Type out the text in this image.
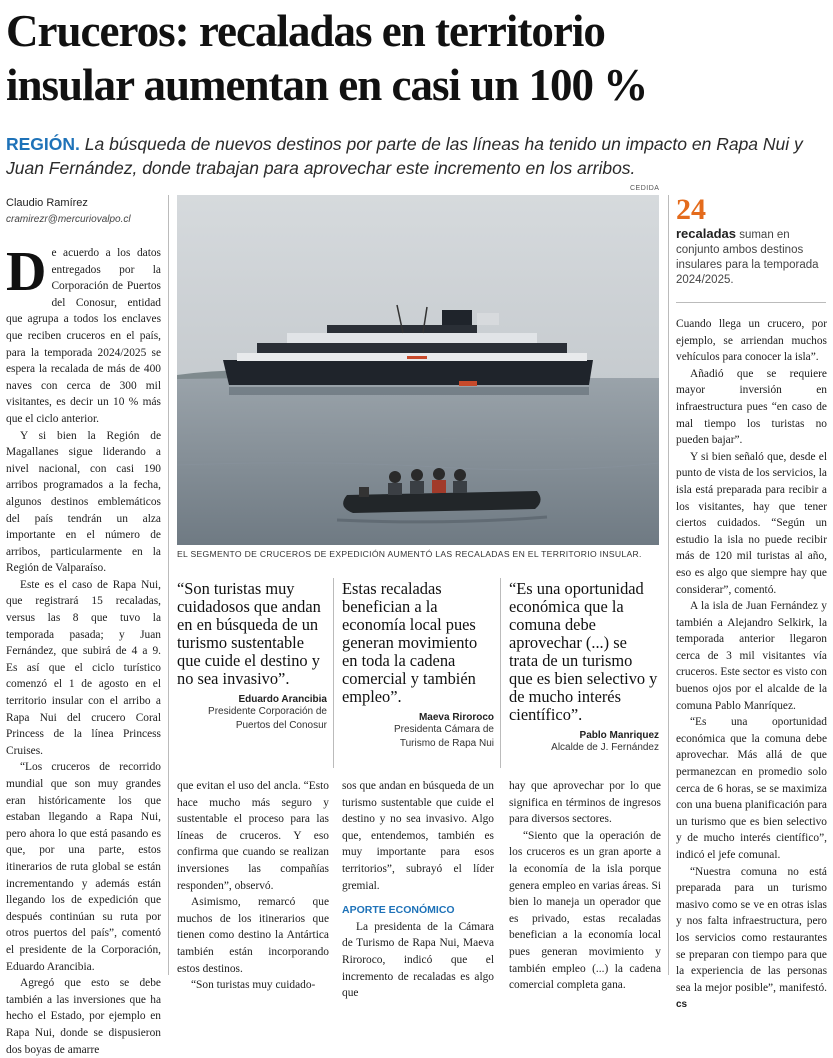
Cruceros: recaladas en territorio
insular aumentan en casi un 100 %

REGIÓN. La búsqueda de nuevos destinos por parte de las líneas ha tenido un impacto en Rapa Nui y Juan Fernández, donde trabajan para aprovechar este incremento en los arribos.

Claudio Ramírez
cramirezr@mercuriovalpo.cl

De acuerdo a los datos entregados por la Corporación de Puertos del Conosur, entidad que agrupa a todos los enclaves que reciben cruceros en el país, para la temporada 2024/2025 se espera la recalada de más de 400 naves con cerca de 300 mil visitantes, es decir un 10 % más que el ciclo anterior.

Y si bien la Región de Magallanes sigue liderando a nivel nacional, con casi 190 arribos programados a la fecha, algunos destinos emblemáticos del país tendrán un alza importante en el número de arribos, particularmente en la Región de Valparaíso.

Este es el caso de Rapa Nui, que registrará 15 recaladas, versus las 8 que tuvo la temporada pasada; y Juan Fernández, que subirá de 4 a 9. Es así que el ciclo turístico comenzó el 1 de agosto en el territorio insular con el arribo a Rapa Nui del crucero Coral Princess de la línea Princess Cruises.

“Los cruceros de recorrido mundial que son muy grandes eran históricamente los que estaban llegando a Rapa Nui, pero ahora lo que está pasando es que, por una parte, estos itinerarios de ruta global se están incrementando y además están llegando los de expedición que después continúan su ruta por otros puertos del país”, comentó el presidente de la Corporación, Eduardo Arancibia.

Agregó que esto se debe también a las inversiones que ha hecho el Estado, por ejemplo en Rapa Nui, donde se dispusieron dos boyas de amarre

CEDIDA
EL SEGMENTO DE CRUCEROS DE EXPEDICIÓN AUMENTÓ LAS RECALADAS EN EL TERRITORIO INSULAR.
24
recaladas suman en conjunto ambos destinos insulares para la temporada 2024/2025.
“Son turistas muy cuidadosos que andan en en búsqueda de un turismo sustentable que cuide el destino y no sea invasivo”.
Eduardo Arancibia
Presidente Corporación de
Puertos del Conosur
Estas recaladas benefician a la economía local pues generan movimiento en toda la cadena comercial y también empleo”.
Maeva Riroroco
Presidenta Cámara de
Turismo de Rapa Nui
“Es una oportunidad económica que la comuna debe aprovechar (...) se trata de un turismo que es bien selectivo y de mucho interés científico”.
Pablo Manriquez
Alcalde de J. Fernández

que evitan el uso del ancla. “Esto hace mucho más seguro y sustentable el proceso para las líneas de cruceros. Y eso confirma que cuando se realizan inversiones las compañías responden”, observó.

Asimismo, remarcó que muchos de los itinerarios que tienen como destino la Antártica también están incorporando estos destinos.

“Son turistas muy cuidado-

sos que andan en búsqueda de un turismo sustentable que cuide el destino y no sea invasivo. Algo que, entendemos, también es muy importante para esos territorios”, subrayó el líder gremial.

APORTE ECONÓMICO

La presidenta de la Cámara de Turismo de Rapa Nui, Maeva Riroroco, indicó que el incremento de recaladas es algo que

hay que aprovechar por lo que significa en términos de ingresos para diversos sectores.

“Siento que la operación de los cruceros es un gran aporte a la economía de la isla porque genera empleo en varias áreas. Si bien lo maneja un operador que es privado, estas recaladas benefician a la economía local pues generan movimiento y también empleo (...) la cadena comercial completa gana.

Cuando llega un crucero, por ejemplo, se arriendan muchos vehículos para conocer la isla”.

Añadió que se requiere mayor inversión en infraestructura pues “en caso de mal tiempo los turistas no pueden bajar”.

Y si bien señaló que, desde el punto de vista de los servicios, la isla está preparada para recibir a los visitantes, hay que tener ciertos cuidados. “Según un estudio la isla no puede recibir más de 120 mil turistas al año, eso es algo que siempre hay que considerar”, comentó.

A la isla de Juan Fernández y también a Alejandro Selkirk, la temporada anterior llegaron cerca de 3 mil visitantes vía cruceros. Este sector es visto con buenos ojos por el alcalde de la comuna Pablo Manríquez.

“Es una oportunidad económica que la comuna debe aprovechar. Más allá de que permanezcan en promedio solo cerca de 6 horas, se se maximiza con una buena planificación para un turismo que es bien selectivo y de mucho interés científico”, indicó el jefe comunal.

“Nuestra comuna no está preparada para un turismo masivo como se ve en otras islas y nos falta infraestructura, pero los servicios como restaurantes se preparan con tiempo para que la experiencia de las personas sea la mejor posible”, manifestó. cs
